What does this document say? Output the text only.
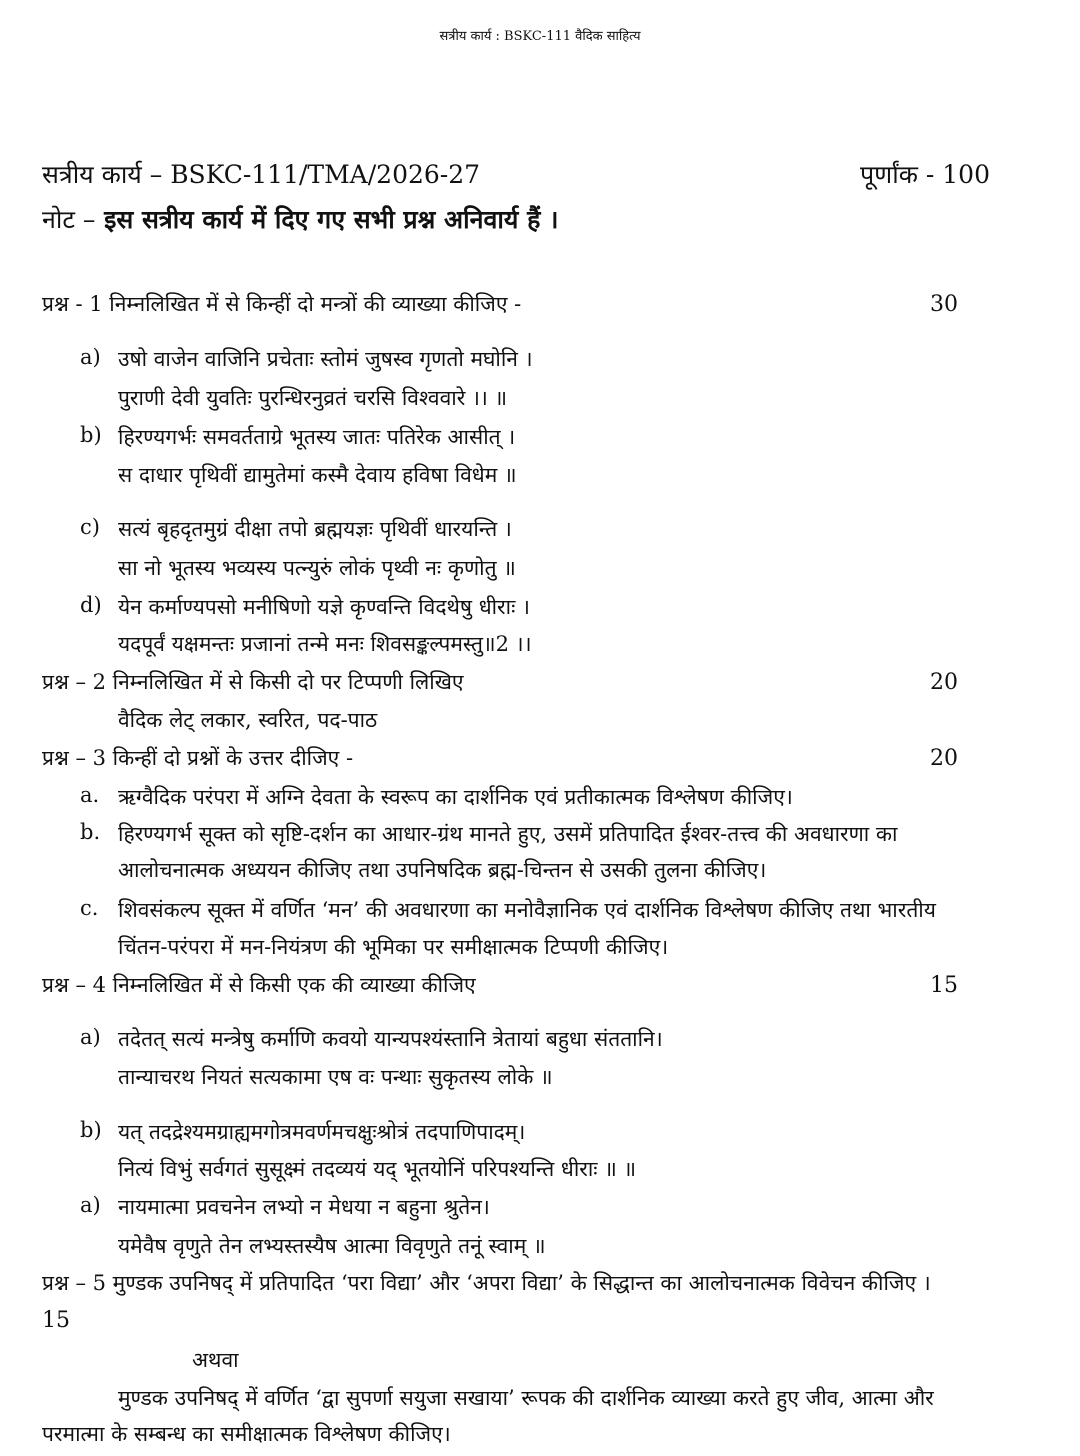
सत्रीय कार्य : BSKC-111 वैदिक साहित्य
सत्रीय कार्य – BSKC-111/TMA/2026-27	पूर्णांक - 100
नोट – इस सत्रीय कार्य में दिए गए सभी प्रश्न अनिवार्य हैं ।
प्रश्न - 1 निम्नलिखित में से किन्हीं दो मन्त्रों की व्याख्या कीजिए -	30
a) उषो वाजेन वाजिनि प्रचेताः स्तोमं जुषस्व गृणतो मघोनि ।
पुराणी देवी युवतिः पुरन्धिरनुव्रतं चरसि विश्ववारे ।। ॥
b) हिरण्यगर्भः समवर्तताग्रे भूतस्य जातः पतिरेक आसीत् ।
स दाधार पृथिवीं द्यामुतेमां कस्मै देवाय हविषा विधेम ॥
c) सत्यं बृहदृतमुग्रं दीक्षा तपो ब्रह्मयज्ञः पृथिवीं धारयन्ति ।
सा नो भूतस्य भव्यस्य पत्न्युरुं लोकं पृथ्वी नः कृणोतु ॥
d) येन कर्माण्यपसो मनीषिणो यज्ञे कृण्वन्ति विदथेषु धीराः ।
यदपूर्वं यक्षमन्तः प्रजानां तन्मे मनः शिवसङ्कल्पमस्तु॥2 ।।
प्रश्न – 2 निम्नलिखित में से किसी दो पर टिप्पणी लिखिए	20
वैदिक लेट् लकार, स्वरित, पद-पाठ
प्रश्न – 3 किन्हीं दो प्रश्नों के उत्तर दीजिए -	20
a. ऋग्वैदिक परंपरा में अग्नि देवता के स्वरूप का दार्शनिक एवं प्रतीकात्मक विश्लेषण कीजिए।
b. हिरण्यगर्भ सूक्त को सृष्टि-दर्शन का आधार-ग्रंथ मानते हुए, उसमें प्रतिपादित ईश्वर-तत्त्व की अवधारणा का
आलोचनात्मक अध्ययन कीजिए तथा उपनिषदिक ब्रह्म-चिन्तन से उसकी तुलना कीजिए।
c. शिवसंकल्प सूक्त में वर्णित ‘मन’ की अवधारणा का मनोवैज्ञानिक एवं दार्शनिक विश्लेषण कीजिए तथा भारतीय
चिंतन-परंपरा में मन-नियंत्रण की भूमिका पर समीक्षात्मक टिप्पणी कीजिए।
प्रश्न – 4 निम्नलिखित में से किसी एक की व्याख्या कीजिए	15
a) तदेतत् सत्यं मन्त्रेषु कर्माणि कवयो यान्यपश्यंस्तानि त्रेतायां बहुधा संततानि।
तान्याचरथ नियतं सत्यकामा एष वः पन्थाः सुकृतस्य लोके ॥
b) यत् तदद्रेश्यमग्राह्यमगोत्रमवर्णमचक्षुःश्रोत्रं तदपाणिपादम्।
नित्यं विभुं सर्वगतं सुसूक्ष्मं तदव्ययं यद् भूतयोनिं परिपश्यन्ति धीराः ॥ ॥
a) नायमात्मा प्रवचनेन लभ्यो न मेधया न बहुना श्रुतेन।
यमेवैष वृणुते तेन लभ्यस्तस्यैष आत्मा विवृणुते तनूं स्वाम् ॥
प्रश्न – 5 मुण्डक उपनिषद् में प्रतिपादित ‘परा विद्या’ और ‘अपरा विद्या’ के सिद्धान्त का आलोचनात्मक विवेचन कीजिए ।
15
अथवा
मुण्डक उपनिषद् में वर्णित ‘द्वा सुपर्णा सयुजा सखाया’ रूपक की दार्शनिक व्याख्या करते हुए जीव, आत्मा और
परमात्मा के सम्बन्ध का समीक्षात्मक विश्लेषण कीजिए।
